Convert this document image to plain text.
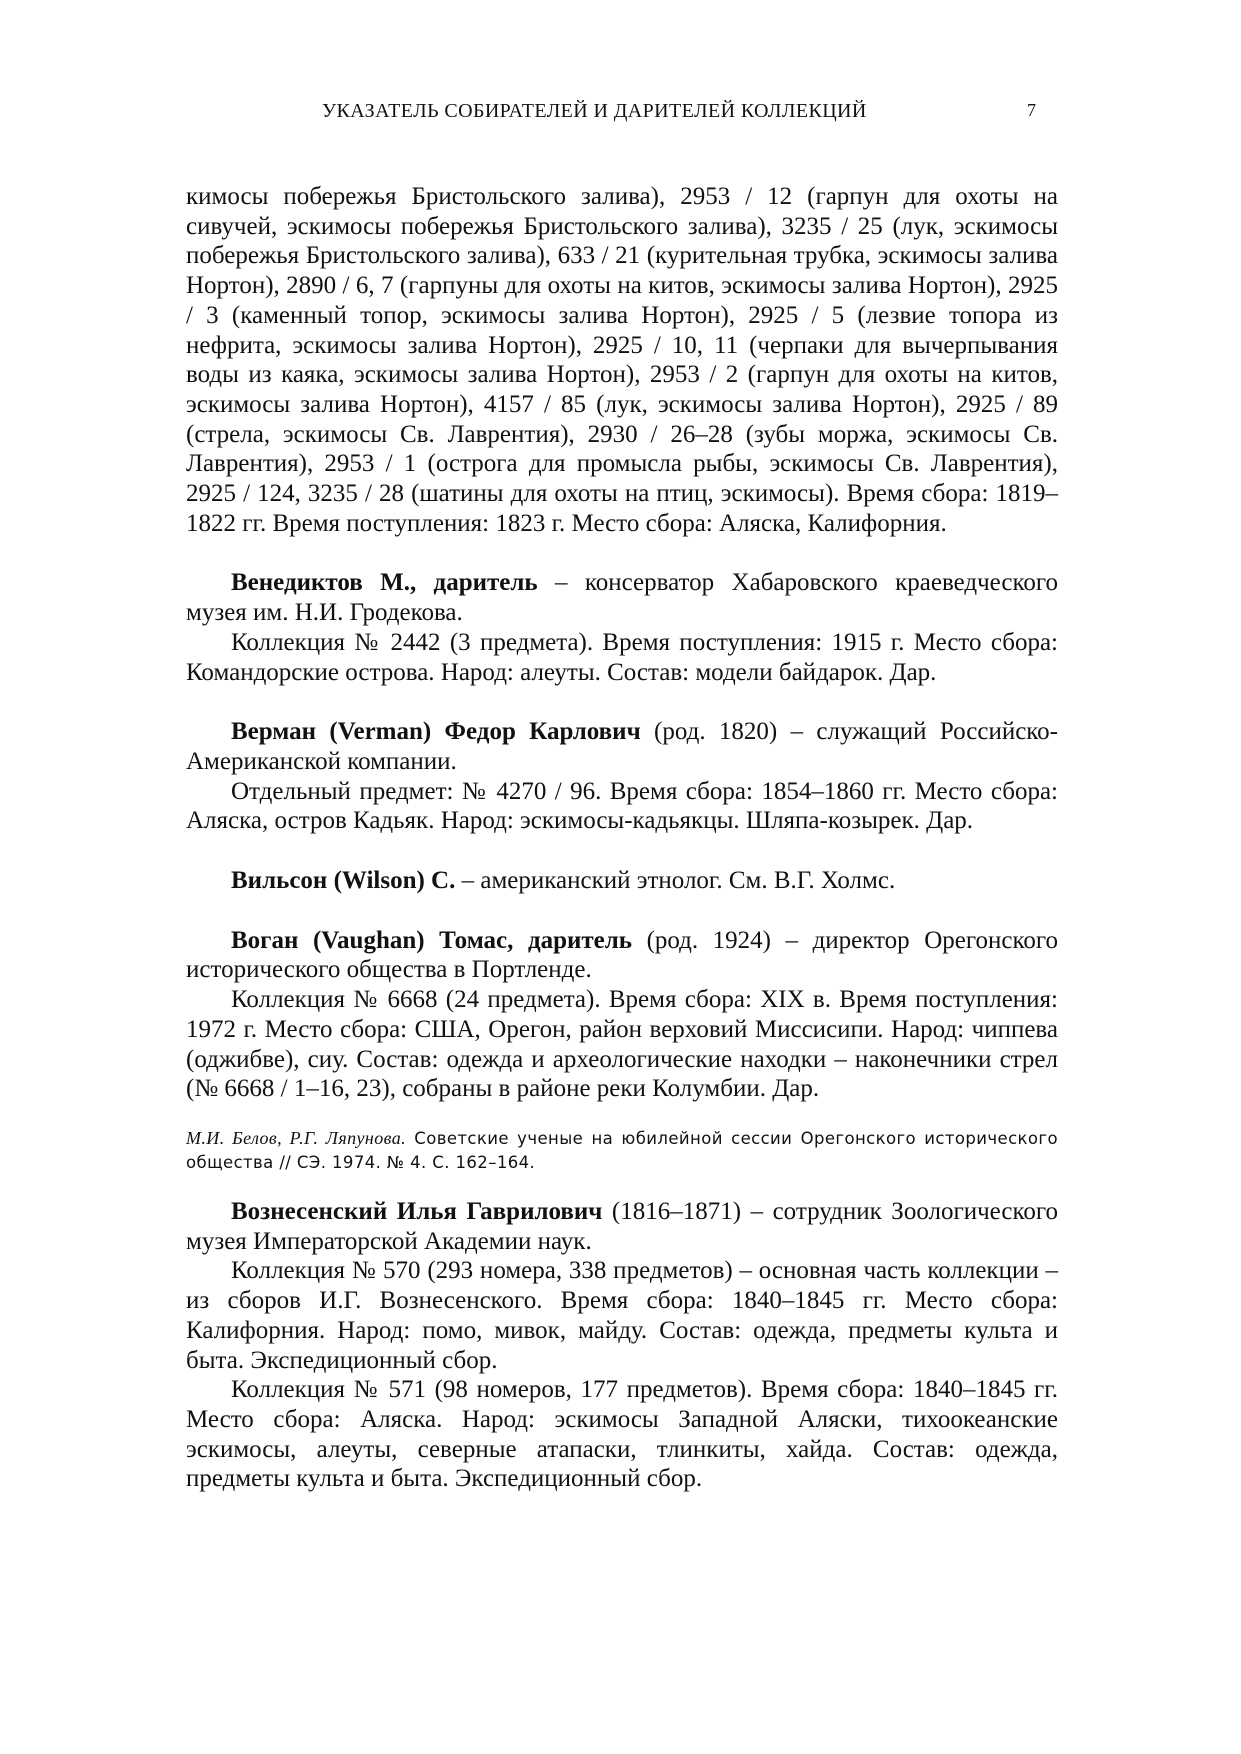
УКАЗАТЕЛЬ СОБИРАТЕЛЕЙ И ДАРИТЕЛЕЙ КОЛЛЕКЦИЙ	7

кимосы побережья Бристольского залива), 2953 / 12 (гарпун для охоты на сивучей, эскимосы побережья Бристольского залива), 3235 / 25 (лук, эскимосы побережья Бристольского залива), 633 / 21 (курительная трубка, эскимосы залива Нортон), 2890 / 6, 7 (гарпуны для охоты на китов, эскимосы залива Нортон), 2925 / 3 (каменный топор, эскимосы залива Нортон), 2925 / 5 (лезвие топора из нефрита, эскимосы залива Нортон), 2925 / 10, 11 (черпаки для вычерпывания воды из каяка, эскимосы залива Нортон), 2953 / 2 (гарпун для охоты на китов, эскимосы залива Нортон), 4157 / 85 (лук, эскимосы залива Нортон), 2925 / 89 (стрела, эскимосы Св. Лаврентия), 2930 / 26–28 (зубы моржа, эскимосы Св. Лаврентия), 2953 / 1 (острога для промысла рыбы, эскимосы Св. Лаврентия), 2925 / 124, 3235 / 28 (шатины для охоты на птиц, эскимосы). Время сбора: 1819–1822 гг. Время поступления: 1823 г. Место сбора: Аляска, Калифорния.

Венедиктов М., даритель – консерватор Хабаровского краеведческого музея им. Н.И. Гродекова.

Коллекция № 2442 (3 предмета). Время поступления: 1915 г. Место сбора: Командорские острова. Народ: алеуты. Состав: модели байдарок. Дар.

Верман (Verman) Федор Карлович (род. 1820) – служащий Российско-Американской компании.

Отдельный предмет: № 4270 / 96. Время сбора: 1854–1860 гг. Место сбора: Аляска, остров Кадьяк. Народ: эскимосы-кадьякцы. Шляпа-козырек. Дар.

Вильсон (Wilson) С. – американский этнолог. См. В.Г. Холмс.

Воган (Vaughan) Томас, даритель (род. 1924) – директор Орегонского исторического общества в Портленде.

Коллекция № 6668 (24 предмета). Время сбора: XIX в. Время поступления: 1972 г. Место сбора: США, Орегон, район верховий Миссисипи. Народ: чиппева (оджибве), сиу. Состав: одежда и археологические находки – наконечники стрел (№ 6668 / 1–16, 23), собраны в районе реки Колумбии. Дар.

М.И. Белов, Р.Г. Ляпунова. Советские ученые на юбилейной сессии Орегонского исторического общества // СЭ. 1974. № 4. С. 162–164.

Вознесенский Илья Гаврилович (1816–1871) – сотрудник Зоологического музея Императорской Академии наук.

Коллекция № 570 (293 номера, 338 предметов) – основная часть коллекции – из сборов И.Г. Вознесенского. Время сбора: 1840–1845 гг. Место сбора: Калифорния. Народ: помо, мивок, майду. Состав: одежда, предметы культа и быта. Экспедиционный сбор.

Коллекция № 571 (98 номеров, 177 предметов). Время сбора: 1840–1845 гг. Место сбора: Аляска. Народ: эскимосы Западной Аляски, тихоокеанские эскимосы, алеуты, северные атапаски, тлинкиты, хайда. Состав: одежда, предметы культа и быта. Экспедиционный сбор.
